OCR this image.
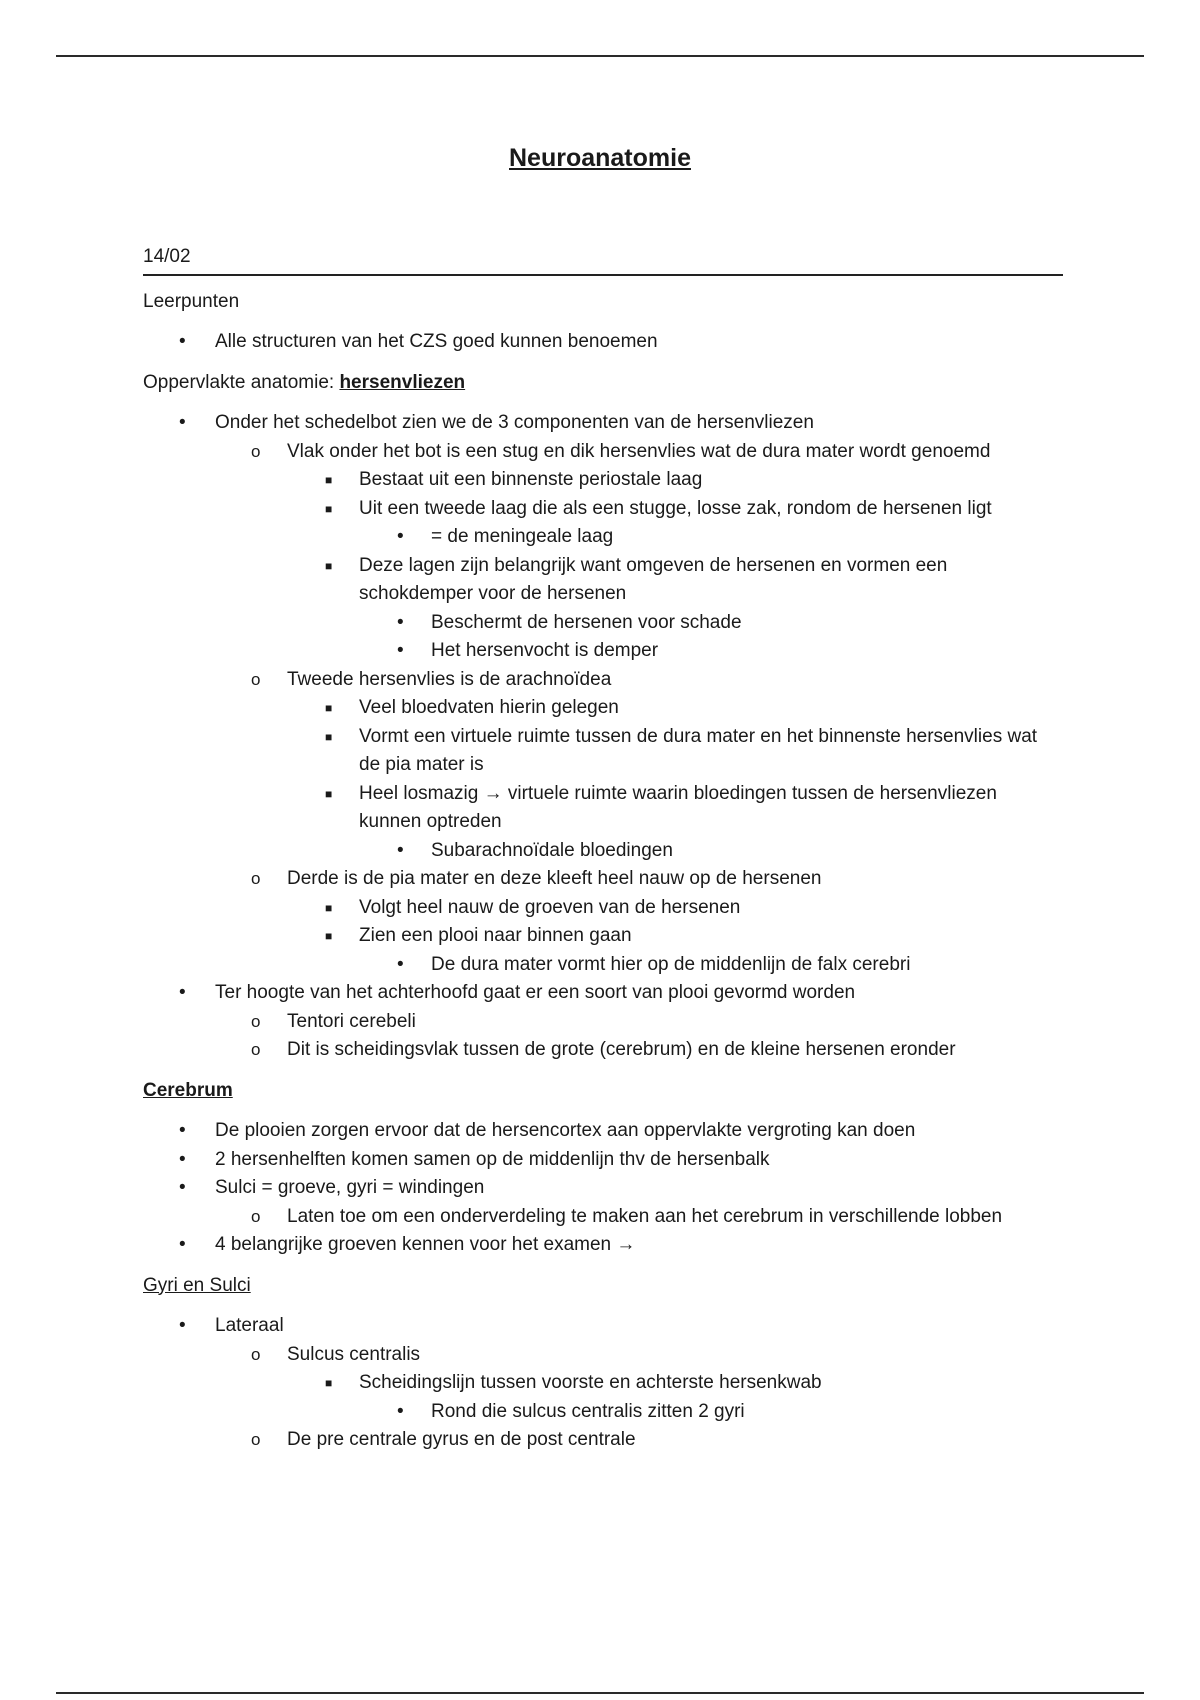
Neuroanatomie
14/02

Leerpunten

• Alle structuren van het CZS goed kunnen benoemen

Oppervlakte anatomie: hersenvliezen

• Onder het schedelbot zien we de 3 componenten van de hersenvliezen
o Vlak onder het bot is een stug en dik hersenvlies wat de dura mater wordt genoemd
■ Bestaat uit een binnenste periostale laag
■ Uit een tweede laag die als een stugge, losse zak, rondom de hersenen ligt
• = de meningeale laag
■ Deze lagen zijn belangrijk want omgeven de hersenen en vormen een schokdemper voor de hersenen
• Beschermt de hersenen voor schade
• Het hersenvocht is demper
o Tweede hersenvlies is de arachnoïdea
■ Veel bloedvaten hierin gelegen
■ Vormt een virtuele ruimte tussen de dura mater en het binnenste hersenvlies wat de pia mater is
■ Heel losmazig → virtuele ruimte waarin bloedingen tussen de hersenvliezen kunnen optreden
• Subarachnoïdale bloedingen
o Derde is de pia mater en deze kleeft heel nauw op de hersenen
■ Volgt heel nauw de groeven van de hersenen
■ Zien een plooi naar binnen gaan
• De dura mater vormt hier op de middenlijn de falx cerebri
• Ter hoogte van het achterhoofd gaat er een soort van plooi gevormd worden
o Tentori cerebeli
o Dit is scheidingsvlak tussen de grote (cerebrum) en de kleine hersenen eronder

Cerebrum

• De plooien zorgen ervoor dat de hersencortex aan oppervlakte vergroting kan doen
• 2 hersenhelften komen samen op de middenlijn thv de hersenbalk
• Sulci = groeve, gyri = windingen
o Laten toe om een onderverdeling te maken aan het cerebrum in verschillende lobben
• 4 belangrijke groeven kennen voor het examen →

Gyri en Sulci

• Lateraal
o Sulcus centralis
■ Scheidingslijn tussen voorste en achterste hersenkwab
• Rond die sulcus centralis zitten 2 gyri
o De pre centrale gyrus en de post centrale
